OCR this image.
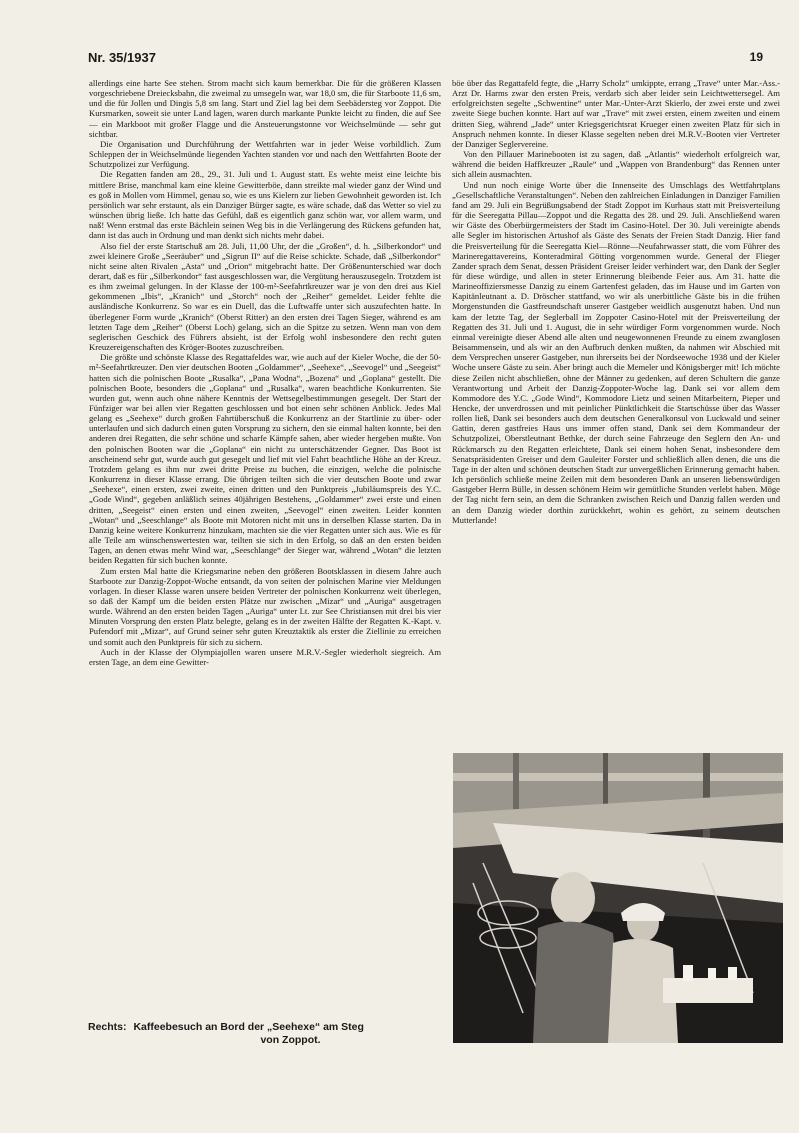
Nr. 35/1937	19

allerdings eine harte See stehen. Strom macht sich kaum bemerkbar. Die für die größeren Klassen vorgeschriebene Dreiecksbahn, die zweimal zu umsegeln war, war 18,0 sm, die für Starboote 11,6 sm, und die für Jollen und Dingis 5,8 sm lang. Start und Ziel lag bei dem Seebädersteg vor Zoppot. Die Kursmarken, soweit sie unter Land lagen, waren durch markante Punkte leicht zu finden, die auf See — ein Markboot mit großer Flagge und die Ansteuerungstonne vor Weichselmünde — sehr gut sichtbar.

Die Organisation und Durchführung der Wettfahrten war in jeder Weise vorbildlich. Zum Schleppen der in Weichselmünde liegenden Yachten standen vor und nach den Wettfahrten Boote der Schutzpolizei zur Verfügung.

Die Regatten fanden am 28., 29., 31. Juli und 1. August statt. Es wehte meist eine leichte bis mittlere Brise, manchmal kam eine kleine Gewitterböe, dann streikte mal wieder ganz der Wind und es goß in Mollen vom Himmel, genau so, wie es uns Kielern zur lieben Gewohnheit geworden ist. Ich persönlich war sehr erstaunt, als ein Danziger Bürger sagte, es wäre schade, daß das Wetter so viel zu wünschen übrig ließe. Ich hatte das Gefühl, daß es eigentlich ganz schön war, vor allem warm, und naß! Wenn erstmal das erste Bächlein seinen Weg bis in die Verlängerung des Rückens gefunden hat, dann ist das auch in Ordnung und man denkt sich nichts mehr dabei.

Also fiel der erste Startschuß am 28. Juli, 11,00 Uhr, der die „Großen“, d. h. „Silberkondor“ und zwei kleinere Große „Seeräuber“ und „Sigrun II“ auf die Reise schickte. Schade, daß „Silberkondor“ nicht seine alten Rivalen „Asta“ und „Orion“ mitgebracht hatte. Der Größenunterschied war doch derart, daß es für „Silberkondor“ fast ausgeschlossen war, die Vergütung herauszusegeln. Trotzdem ist es ihm zweimal gelungen. In der Klasse der 100-m²-Seefahrtkreuzer war je von den drei aus Kiel gekommenen „Ibis“, „Kranich“ und „Storch“ noch der „Reiher“ gemeldet. Leider fehlte die ausländische Konkurrenz. So war es ein Duell, das die Luftwaffe unter sich auszufechten hatte. In überlegener Form wurde „Kranich“ (Oberst Ritter) an den ersten drei Tagen Sieger, während es am letzten Tage dem „Reiher“ (Oberst Loch) gelang, sich an die Spitze zu setzen. Wenn man von dem seglerischen Geschick des Führers absieht, ist der Erfolg wohl insbesondere den recht guten Kreuzereigenschaften des Kröger-Bootes zuzuschreiben.

Die größte und schönste Klasse des Regattafeldes war, wie auch auf der Kieler Woche, die der 50-m²-Seefahrtkreuzer. Den vier deutschen Booten „Goldammer“, „Seehexe“, „Seevogel“ und „Seegeist“ hatten sich die polnischen Boote „Rusalka“, „Pana Wodna“, „Bozena“ und „Goplana“ gestellt. Die polnischen Boote, besonders die „Goplana“ und „Rusalka“, waren beachtliche Konkurrenten. Sie wurden gut, wenn auch ohne nähere Kenntnis der Wettsegelbestimmungen gesegelt. Der Start der Fünfziger war bei allen vier Regatten geschlossen und bot einen sehr schönen Anblick. Jedes Mal gelang es „Seehexe“ durch großen Fahrtüberschuß die Konkurrenz an der Startlinie zu über- oder unterlaufen und sich dadurch einen guten Vorsprung zu sichern, den sie einmal halten konnte, bei den anderen drei Regatten, die sehr schöne und scharfe Kämpfe sahen, aber wieder hergeben mußte. Von den polnischen Booten war die „Goplana“ ein nicht zu unterschätzender Gegner. Das Boot ist anscheinend sehr gut, wurde auch gut gesegelt und lief mit viel Fahrt beachtliche Höhe an der Kreuz. Trotzdem gelang es ihm nur zwei dritte Preise zu buchen, die einzigen, welche die polnische Konkurrenz in dieser Klasse errang. Die übrigen teilten sich die vier deutschen Boote und zwar „Seehexe“, einen ersten, zwei zweite, einen dritten und den Punktpreis „Jubiläumspreis des Y.C. „Gode Wind“, gegeben anläßlich seines 40jährigen Bestehens, „Goldammer“ zwei erste und einen dritten, „Seegeist“ einen ersten und einen zweiten, „Seevogel“ einen zweiten. Leider konnten „Wotan“ und „Seeschlange“ als Boote mit Motoren nicht mit uns in derselben Klasse starten. Da in Danzig keine weitere Konkurrenz hinzukam, machten sie die vier Regatten unter sich aus. Wie es für alle Teile am wünschenswertesten war, teilten sie sich in den Erfolg, so daß an den ersten beiden Tagen, an denen etwas mehr Wind war, „Seeschlange“ der Sieger war, während „Wotan“ die letzten beiden Regatten für sich buchen konnte.

Zum ersten Mal hatte die Kriegsmarine neben den größeren Bootsklassen in diesem Jahre auch Starboote zur Danzig-Zoppot-Woche entsandt, da von seiten der polnischen Marine vier Meldungen vorlagen. In dieser Klasse waren unsere beiden Vertreter der polnischen Konkurrenz weit überlegen, so daß der Kampf um die beiden ersten Plätze nur zwischen „Mizar“ und „Auriga“ ausgetragen wurde. Während an den ersten beiden Tagen „Auriga“ unter Lt. zur See Christiansen mit drei bis vier Minuten Vorsprung den ersten Platz belegte, gelang es in der zweiten Hälfte der Regatten K.-Kapt. v. Pufendorf mit „Mizar“, auf Grund seiner sehr guten Kreuztaktik als erster die Ziellinie zu erreichen und somit auch den Punktpreis für sich zu sichern.

Auch in der Klasse der Olympiajollen waren unsere M.R.V.-Segler wiederholt siegreich. Am ersten Tage, an dem eine Gewitter-

böe über das Regattafeld fegte, die „Harry Scholz“ umkippte, errang „Trave“ unter Mar.-Ass.-Arzt Dr. Harms zwar den ersten Preis, verdarb sich aber leider sein Leichtwettersegel. Am erfolgreichsten segelte „Schwentine“ unter Mar.-Unter-Arzt Skierlo, der zwei erste und zwei zweite Siege buchen konnte. Hart auf war „Trave“ mit zwei ersten, einem zweiten und einem dritten Sieg, während „Jade“ unter Kriegsgerichtsrat Krueger einen zweiten Platz für sich in Anspruch nehmen konnte. In dieser Klasse segelten neben drei M.R.V.-Booten vier Vertreter der Danziger Seglervereine.

Von den Pillauer Marinebooten ist zu sagen, daß „Atlantis“ wiederholt erfolgreich war, während die beiden Haffkreuzer „Raule“ und „Wappen von Brandenburg“ das Rennen unter sich allein ausmachten.

Und nun noch einige Worte über die Innenseite des Umschlags des Wettfahrtplans „Gesellschaftliche Veranstaltungen“. Neben den zahlreichen Einladungen in Danziger Familien fand am 29. Juli ein Begrüßungsabend der Stadt Zoppot im Kurhaus statt mit Preisverteilung für die Seeregatta Pillau—Zoppot und die Regatta des 28. und 29. Juli. Anschließend waren wir Gäste des Oberbürgermeisters der Stadt im Casino-Hotel. Der 30. Juli vereinigte abends alle Segler im historischen Artushof als Gäste des Senats der Freien Stadt Danzig. Hier fand die Preisverteilung für die Seeregatta Kiel—Rönne—Neufahrwasser statt, die vom Führer des Marineregattavereins, Konteradmiral Götting vorgenommen wurde. General der Flieger Zander sprach dem Senat, dessen Präsident Greiser leider verhindert war, den Dank der Segler für diese würdige, und allen in steter Erinnerung bleibende Feier aus. Am 31. hatte die Marineoffiziersmesse Danzig zu einem Gartenfest geladen, das im Hause und im Garten von Kapitänleutnant a. D. Dröscher stattfand, wo wir als unerbittliche Gäste bis in die frühen Morgenstunden die Gastfreundschaft unserer Gastgeber weidlich ausgenutzt haben. Und nun kam der letzte Tag, der Seglerball im Zoppoter Casino-Hotel mit der Preisverteilung der Regatten des 31. Juli und 1. August, die in sehr würdiger Form vorgenommen wurde. Noch einmal vereinigte dieser Abend alle alten und neugewonnenen Freunde zu einem zwanglosen Beisammensein, und als wir an den Aufbruch denken mußten, da nahmen wir Abschied mit dem Versprechen unserer Gastgeber, nun ihrerseits bei der Nordseewoche 1938 und der Kieler Woche unsere Gäste zu sein. Aber bringt auch die Memeler und Königsberger mit! Ich möchte diese Zeilen nicht abschließen, ohne der Männer zu gedenken, auf deren Schultern die ganze Verantwortung und Arbeit der Danzig-Zoppoter-Woche lag. Dank sei vor allem dem Kommodore des Y.C. „Gode Wind“, Kommodore Lietz und seinen Mitarbeitern, Pieper und Hencke, der unverdrossen und mit peinlicher Pünktlichkeit die Startschüsse über das Wasser rollen ließ, Dank sei besonders auch dem deutschen Generalkonsul von Luckwald und seiner Gattin, deren gastfreies Haus uns immer offen stand, Dank sei dem Kommandeur der Schutzpolizei, Oberstleutnant Bethke, der durch seine Fahrzeuge den Seglern den An- und Rückmarsch zu den Regatten erleichtete, Dank sei einem hohen Senat, insbesondere dem Senatspräsidenten Greiser und dem Gauleiter Forster und schließlich allen denen, die uns die Tage in der alten und schönen deutschen Stadt zur unvergeßlichen Erinnerung gemacht haben. Ich persönlich schließe meine Zeilen mit dem besonderen Dank an unseren liebenswürdigen Gastgeber Herrn Bülle, in dessen schönem Heim wir gemütliche Stunden verlebt haben. Möge der Tag nicht fern sein, an dem die Schranken zwischen Reich und Danzig fallen werden und an dem Danzig wieder dorthin zurückkehrt, wohin es gehört, zu seinem deutschen Mutterlande!

Rechts: Kaffeebesuch an Bord der „Seehexe“ am Steg
von Zoppot.
